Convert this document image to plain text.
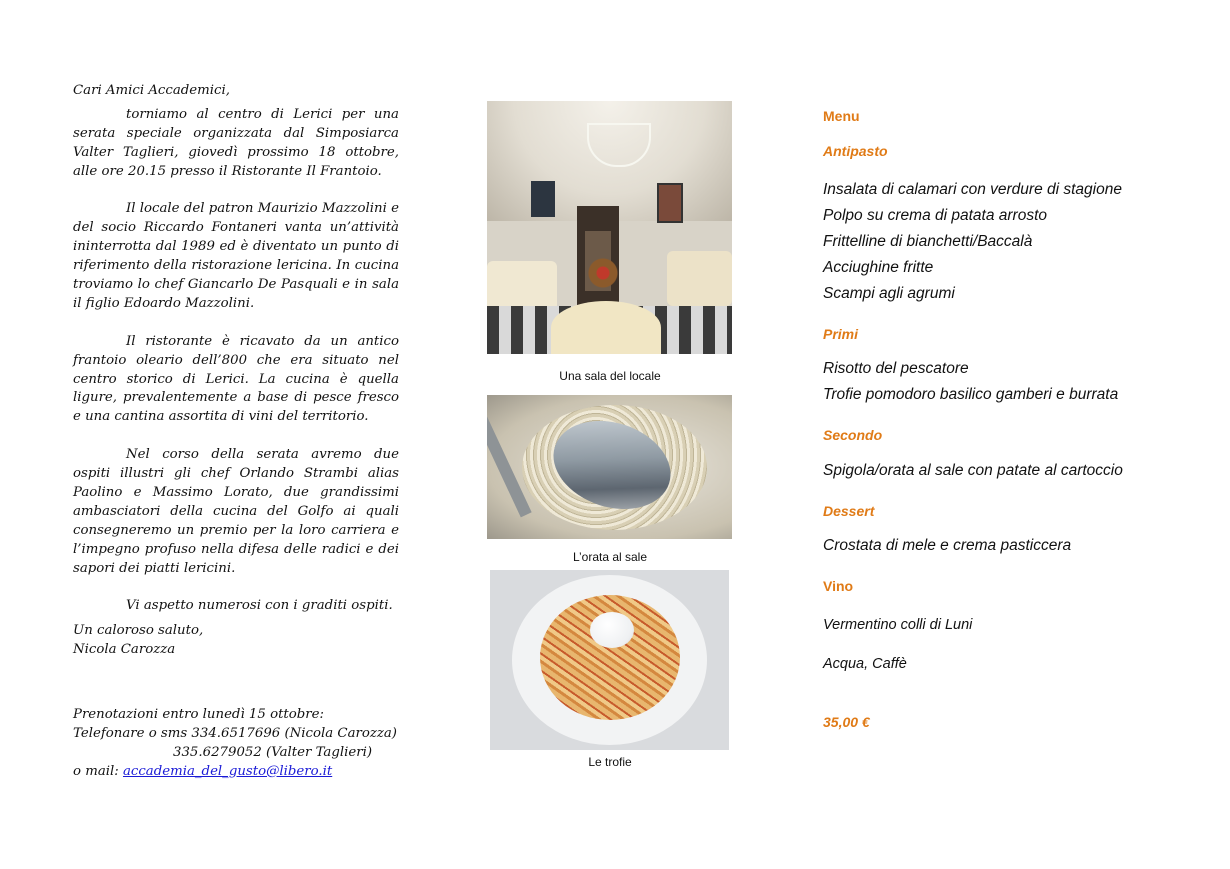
Cari Amici Accademici,

torniamo al centro di Lerici per una serata speciale organizzata dal Simposiarca Valter Taglieri, giovedì prossimo 18 ottobre, alle ore 20.15 presso il Ristorante Il Frantoio.

Il locale del patron Maurizio Mazzolini e del socio Riccardo Fontaneri vanta un’attività ininterrotta dal 1989 ed è diventato un punto di riferimento della ristorazione lericina. In cucina troviamo lo chef Giancarlo De Pasquali e in sala il figlio Edoardo Mazzolini.

Il ristorante è ricavato da un antico frantoio oleario dell’800 che era situato nel centro storico di Lerici. La cucina è quella ligure, prevalentemente a base di pesce fresco e una cantina assortita di vini del territorio.

Nel corso della serata avremo due ospiti illustri gli chef Orlando Strambi alias Paolino e Massimo Lorato, due grandissimi ambasciatori della cucina del Golfo ai quali consegneremo un premio per la loro carriera e l’impegno profuso nella difesa delle radici e dei sapori dei piatti lericini.

Vi aspetto numerosi con i graditi ospiti.

Un caloroso saluto,

Nicola Carozza

Prenotazioni entro lunedì 15 ottobre:

Telefonare o sms 334.6517696 (Nicola Carozza)

335.6279052 (Valter Taglieri)

o mail: accademia_del_gusto@libero.it

Una sala del locale
L’orata al sale
Le trofie
Menu
Antipasto
Insalata di calamari con verdure di stagione
Polpo su crema di patata arrosto
Frittelline di bianchetti/Baccalà
Acciughine fritte
Scampi agli agrumi
Primi
Risotto del pescatore
Trofie pomodoro basilico gamberi e burrata
Secondo
Spigola/orata al sale con patate al cartoccio
Dessert
Crostata di mele e crema pasticcera
Vino
Vermentino colli di Luni
Acqua, Caffè
35,00 €
